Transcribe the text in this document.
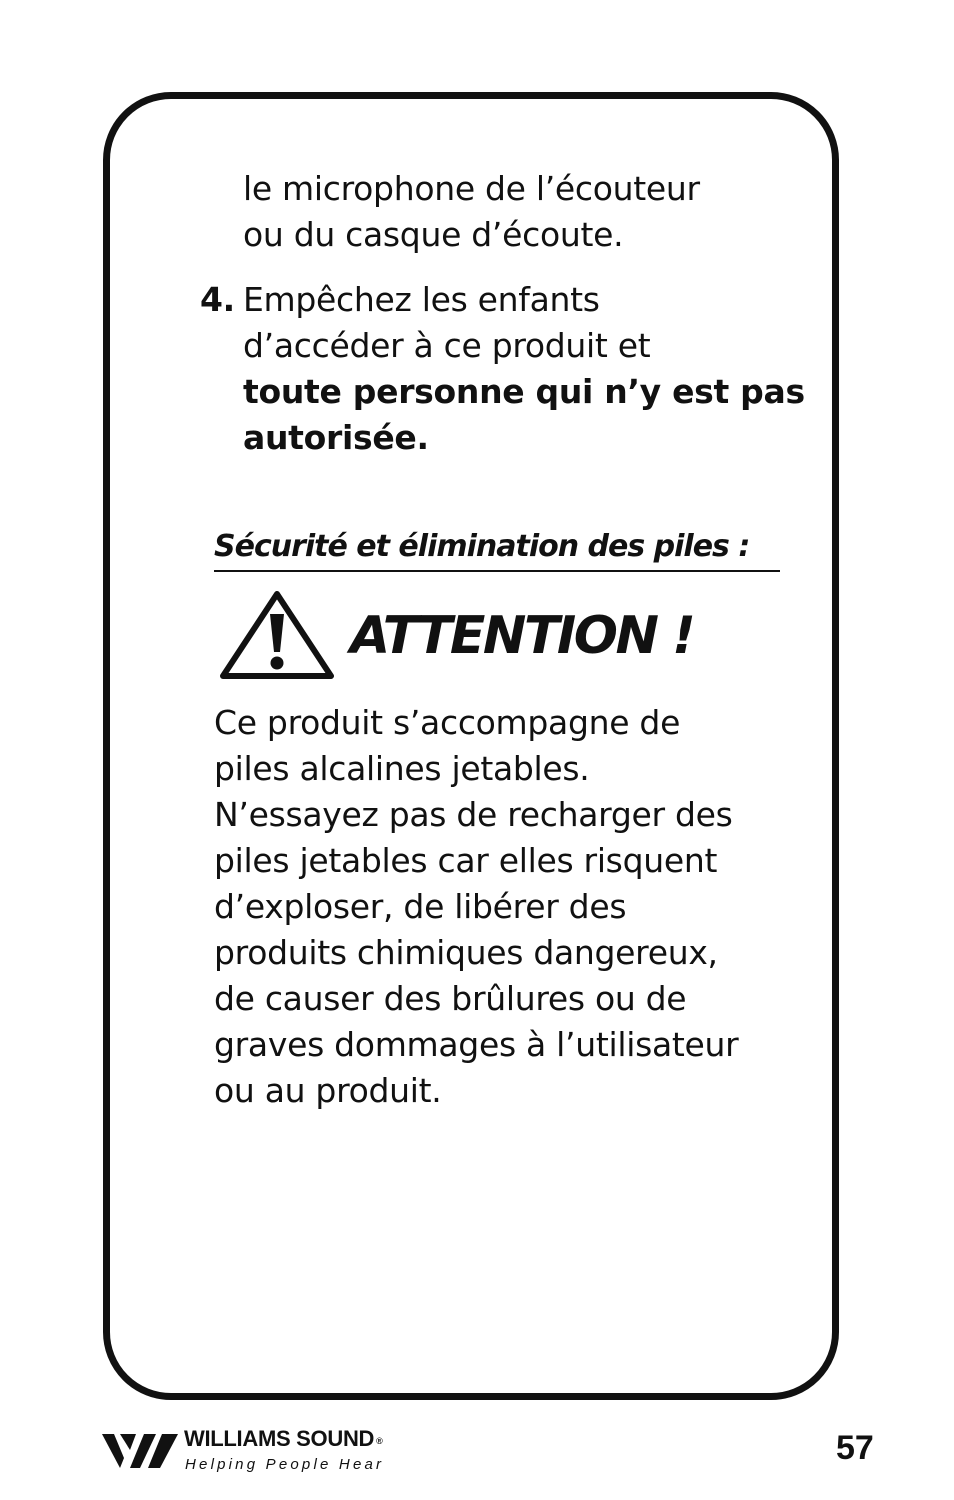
le microphone de l’écouteur
ou du casque d’écoute.
4. Empêchez les enfants
d’accéder à ce produit et
toute personne qui n’y est pas
autorisée.
Sécurité et élimination des piles :
ATTENTION !
Ce produit s’accompagne de
piles alcalines jetables.
N’essayez pas de recharger des
piles jetables car elles risquent
d’exploser, de libérer des
produits chimiques dangereux,
de causer des brûlures ou de
graves dommages à l’utilisateur
ou au produit.
WILLIAMS SOUND ®
Helping People Hear	57
